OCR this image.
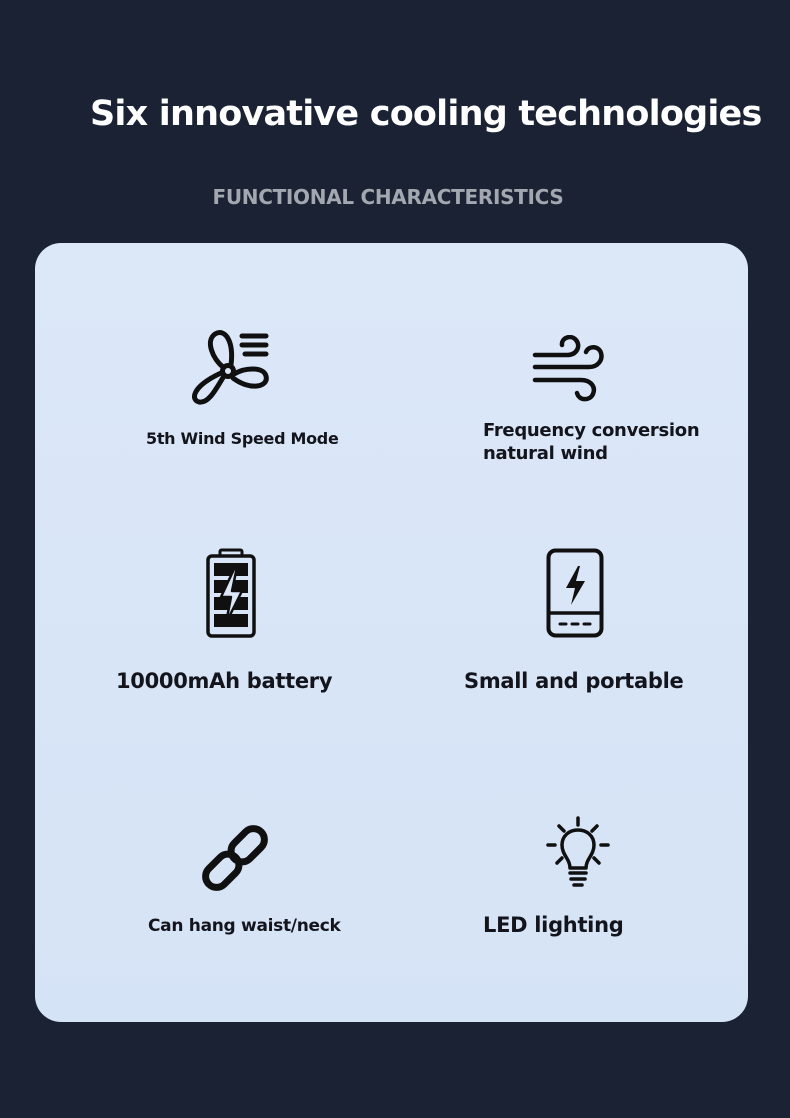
Six innovative cooling technologies

FUNCTIONAL CHARACTERISTICS

5th Wind Speed Mode	Frequency conversion

natural wind

10000mAh battery	Small and portable

Can hang waist/neck	LED lighting
